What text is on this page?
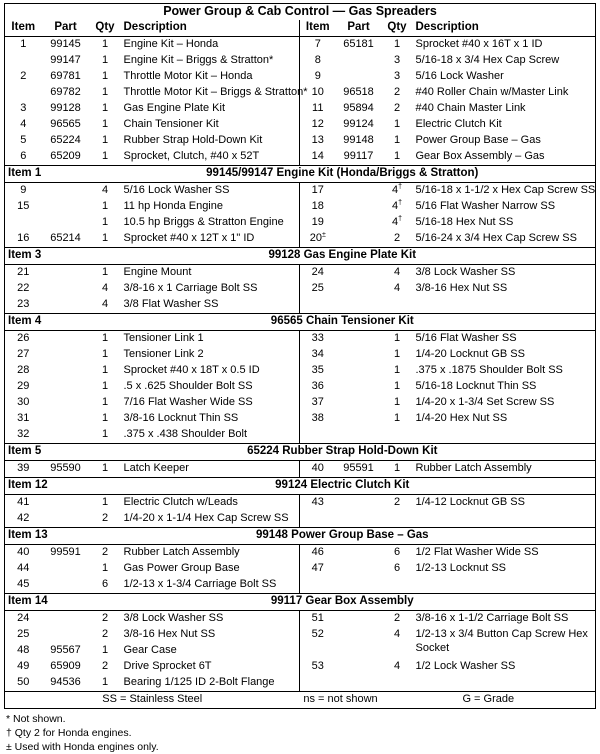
Power Group & Cab Control — Gas Spreaders							
Item	Part	Qty	Description	Item	Part	Qty	Description
1	99145	1	Engine Kit – Honda	7	65181	1	Sprocket #40 x 16T x 1 ID
	99147	1	Engine Kit – Briggs & Stratton*	8		3	5/16-18 x 3/4 Hex Cap Screw
2	69781	1	Throttle Motor Kit – Honda	9		3	5/16 Lock Washer
	69782	1	Throttle Motor Kit – Briggs & Stratton*	10	96518	2	#40 Roller Chain w/Master Link
3	99128	1	Gas Engine Plate Kit	11	95894	2	#40 Chain Master Link
4	96565	1	Chain Tensioner Kit	12	99124	1	Electric Clutch Kit
5	65224	1	Rubber Strap Hold-Down Kit	13	99148	1	Power Group Base – Gas
6	65209	1	Sprocket, Clutch, #40 x 52T	14	99117	1	Gear Box Assembly – Gas
Item 1		99145/99147 Engine Kit (Honda/Briggs & Stratton)					
9		4	5/16 Lock Washer SS	17		4†	5/16-18 x 1-1/2 x Hex Cap Screw SS
15		1	11 hp Honda Engine	18		4†	5/16 Flat Washer Narrow SS
		1	10.5 hp Briggs & Stratton Engine	19		4†	5/16-18 Hex Nut SS
16	65214	1	Sprocket #40 x 12T x 1" ID	20±		2	5/16-24 x 3/4 Hex Cap Screw SS
Item 3		99128 Gas Engine Plate Kit					
21		1	Engine Mount	24		4	3/8 Lock Washer SS
22		4	3/8-16 x 1 Carriage Bolt SS	25		4	3/8-16 Hex Nut SS
23		4	3/8 Flat Washer SS				
Item 4		96565 Chain Tensioner Kit					
26		1	Tensioner Link 1	33		1	5/16 Flat Washer SS
27		1	Tensioner Link 2	34		1	1/4-20 Locknut GB SS
28		1	Sprocket #40 x 18T x 0.5 ID	35		1	.375 x .1875 Shoulder Bolt SS
29		1	.5 x .625 Shoulder Bolt SS	36		1	5/16-18 Locknut Thin SS
30		1	7/16 Flat Washer Wide SS	37		1	1/4-20 x 1-3/4 Set Screw SS
31		1	3/8-16 Locknut Thin SS	38		1	1/4-20 Hex Nut SS
32		1	.375 x .438 Shoulder Bolt				
Item 5		65224 Rubber Strap Hold-Down Kit					
39	95590	1	Latch Keeper	40	95591	1	Rubber Latch Assembly
Item 12		99124 Electric Clutch Kit					
41		1	Electric Clutch w/Leads	43		2	1/4-12 Locknut GB SS
42		2	1/4-20 x 1-1/4 Hex Cap Screw SS				
Item 13		99148 Power Group Base – Gas					
40	99591	2	Rubber Latch Assembly	46		6	1/2 Flat Washer Wide SS
44		1	Gas Power Group Base	47		6	1/2-13 Locknut SS
45		6	1/2-13 x 1-3/4 Carriage Bolt SS				
Item 14		99117 Gear Box Assembly					
24		2	3/8 Lock Washer SS	51		2	3/8-16 x 1-1/2 Carriage Bolt SS
25		2	3/8-16 Hex Nut SS	52		4	1/2-13 x 3/4 Button Cap Screw Hex Socket
48	95567	1	Gear Case				
49	65909	2	Drive Sprocket 6T	53		4	1/2 Lock Washer SS
50	94536	1	Bearing 1/125 ID 2-Bolt Flange				
SS = Stainless Steel				ns = not shown		G = Grade	
* Not shown.
† Qty 2 for Honda engines.
± Used with Honda engines only.
